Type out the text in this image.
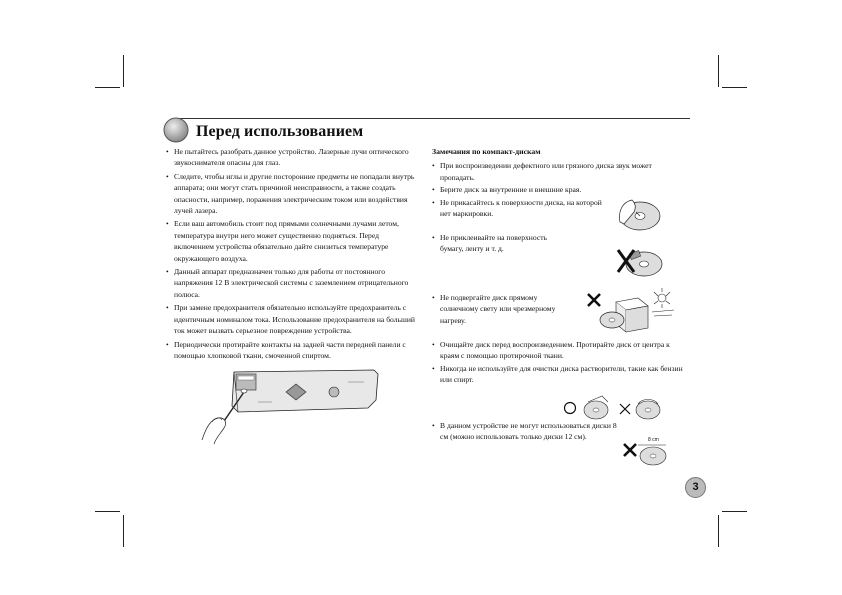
Перед использованием
• Не пытайтесь разобрать данное устройство. Лазерные лучи оптического звукоснимателя опасны для глаз.
• Следите, чтобы иглы и другие посторонние предметы не попадали внутрь аппарата; они могут стать причиной неисправности, а также создать опасности, например, поражения электрическим током или воздействия лучей лазера.
• Если ваш автомобиль стоит под прямыми солнечными лучами летом, температура внутри него может существенно подняться. Перед включением устройства обязательно дайте снизиться температуре окружающего воздуха.
• Данный аппарат предназначен только для работы от постоянного напряжения 12 В электрической системы с заземлением отрицательного полюса.
• При замене предохранителя обязательно используйте предохранитель с идентичным номиналом тока. Использование предохранителя на больший ток может вызвать серьезное повреждение устройства.
• Периодически протирайте контакты на задней части передней панели с помощью хлопковой ткани, смоченной спиртом.
Замечания по компакт-дискам
• При воспроизведении дефектного или грязного диска звук может пропадать.
• Берите диск за внутренние и внешние края.
• Не прикасайтесь к поверхности диска, на которой нет маркировки.
• Не приклеивайте на поверхность бумагу, ленту и т. д.
• Не подвергайте диск прямому солнечному свету или чрезмерному нагреву.
• Очищайте диск перед воспроизведением. Протирайте диск от центра к краям с помощью протирочной ткани.
• Никогда не используйте для очистки диска растворители, такие как бензин или спирт.
• В данном устройстве не могут использоваться диски 8 см (можно использовать только диски 12 см).	8 cm
3
